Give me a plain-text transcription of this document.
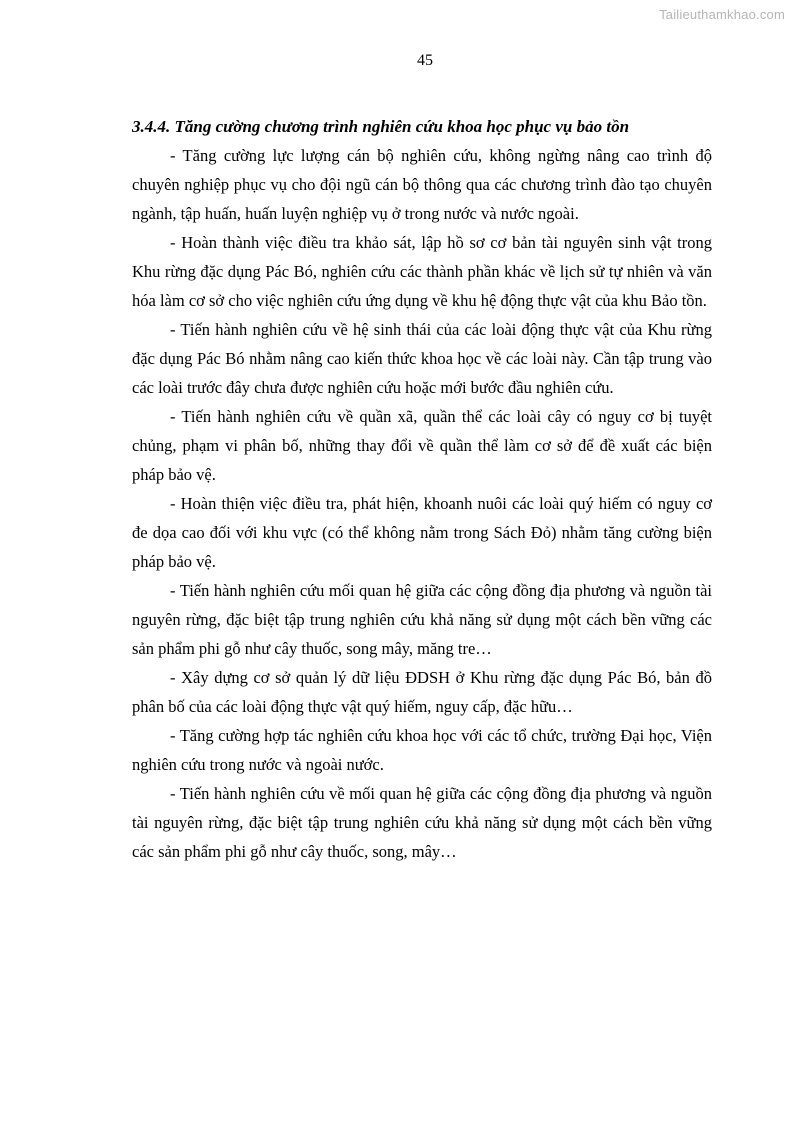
Tailieuthamkhao.com
45

3.4.4. Tăng cường chương trình nghiên cứu khoa học phục vụ bảo tồn

- Tăng cường lực lượng cán bộ nghiên cứu, không ngừng nâng cao trình độ chuyên nghiệp phục vụ cho đội ngũ cán bộ thông qua các chương trình đào tạo chuyên ngành, tập huấn, huấn luyện nghiệp vụ ở trong nước và nước ngoài.

- Hoàn thành việc điều tra khảo sát, lập hồ sơ cơ bản tài nguyên sinh vật trong Khu rừng đặc dụng Pác Bó, nghiên cứu các thành phần khác về lịch sử tự nhiên và văn hóa làm cơ sở cho việc nghiên cứu ứng dụng về khu hệ động thực vật của khu Bảo tồn.

- Tiến hành nghiên cứu về hệ sinh thái của các loài động thực vật của Khu rừng đặc dụng Pác Bó nhằm nâng cao kiến thức khoa học về các loài này. Cần tập trung vào các loài trước đây chưa được nghiên cứu hoặc mới bước đầu nghiên cứu.

- Tiến hành nghiên cứu về quần xã, quần thể các loài cây có nguy cơ bị tuyệt chủng, phạm vi phân bố, những thay đổi về quần thể làm cơ sở để đề xuất các biện pháp bảo vệ.

- Hoàn thiện việc điều tra, phát hiện, khoanh nuôi các loài quý hiếm có nguy cơ đe dọa cao đối với khu vực (có thể không nằm trong Sách Đỏ) nhằm tăng cường biện pháp bảo vệ.

- Tiến hành nghiên cứu mối quan hệ giữa các cộng đồng địa phương và nguồn tài nguyên rừng, đặc biệt tập trung nghiên cứu khả năng sử dụng một cách bền vững các sản phẩm phi gỗ như cây thuốc, song mây, măng tre…

- Xây dựng cơ sở quản lý dữ liệu ĐDSH ở Khu rừng đặc dụng Pác Bó, bản đồ phân bố của các loài động thực vật quý hiếm, nguy cấp, đặc hữu…

- Tăng cường hợp tác nghiên cứu khoa học với các tổ chức, trường Đại học, Viện nghiên cứu trong nước và ngoài nước.

- Tiến hành nghiên cứu về mối quan hệ giữa các cộng đồng địa phương và nguồn tài nguyên rừng, đặc biệt tập trung nghiên cứu khả năng sử dụng một cách bền vững các sản phẩm phi gỗ như cây thuốc, song, mây…
